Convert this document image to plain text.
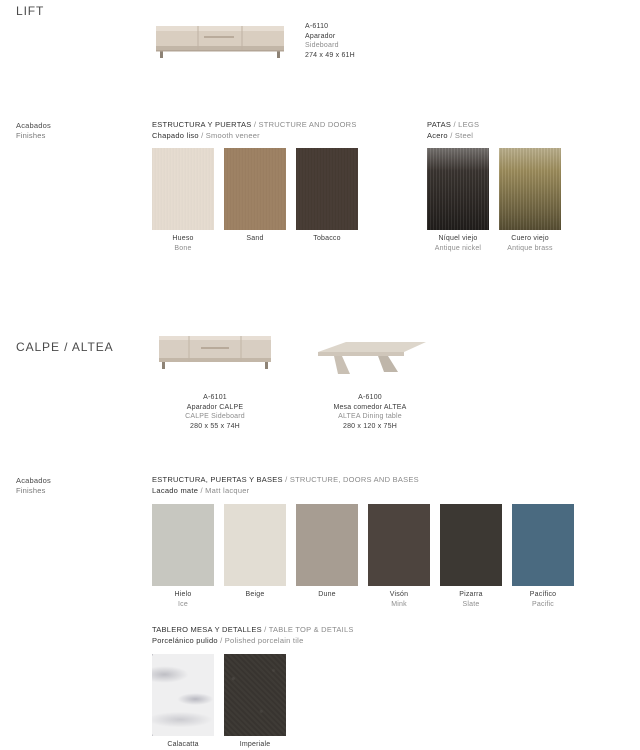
LIFT
A-6110
Aparador
Sideboard
274 x 49 x 61H
Acabados
Finishes
ESTRUCTURA Y PUERTAS / STRUCTURE AND DOORS
Chapado liso / Smooth veneer
PATAS / LEGS
Acero / Steel
Hueso
Bone
Sand	Tobacco	Níquel viejo
Antique nickel
Cuero viejo
Antique brass
CALPE / ALTEA
A-6101
Aparador CALPE
CALPE Sideboard
280 x 55 x 74H
A-6100
Mesa comedor ALTEA
ALTEA Dining table
280 x 120 x 75H
Acabados
Finishes
ESTRUCTURA, PUERTAS Y BASES / STRUCTURE, DOORS AND BASES
Lacado mate / Matt lacquer
Hielo
Ice
Beige	Dune	Visón
Mink
Pizarra
Slate
Pacífico
Pacific
TABLERO MESA Y DETALLES / TABLE TOP & DETAILS
Porcelánico pulido / Polished porcelain tile
Calacatta	Imperiale
